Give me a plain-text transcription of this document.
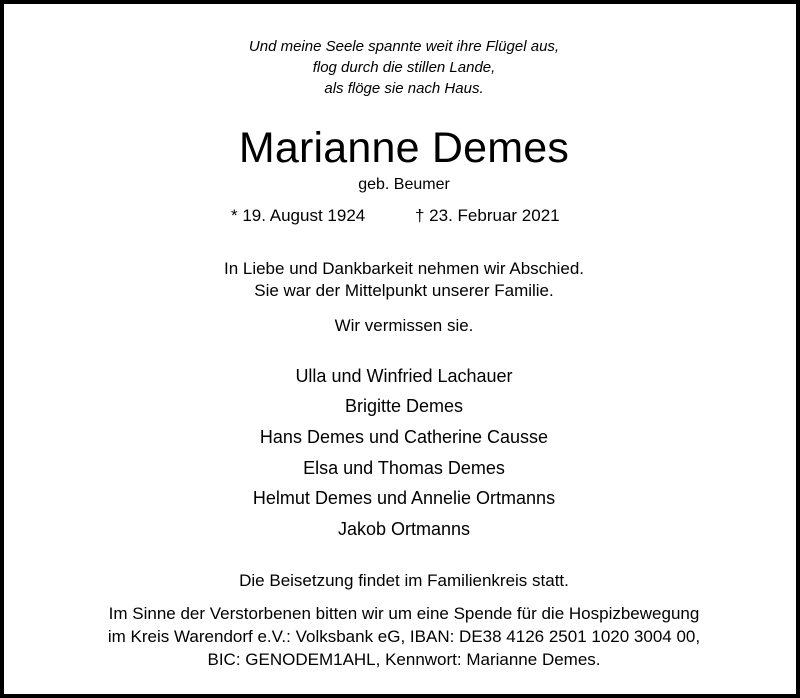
Und meine Seele spannte weit ihre Flügel aus,
flog durch die stillen Lande,
als flöge sie nach Haus.
Marianne Demes
geb. Beumer
* 19. August 1924	† 23. Februar 2021
In Liebe und Dankbarkeit nehmen wir Abschied.
Sie war der Mittelpunkt unserer Familie.
Wir vermissen sie.
Ulla und Winfried Lachauer
Brigitte Demes
Hans Demes und Catherine Causse
Elsa und Thomas Demes
Helmut Demes und Annelie Ortmanns
Jakob Ortmanns
Die Beisetzung findet im Familienkreis statt.
Im Sinne der Verstorbenen bitten wir um eine Spende für die Hospizbewegung
im Kreis Warendorf e.V.: Volksbank eG, IBAN: DE38 4126 2501 1020 3004 00,
BIC: GENODEM1AHL, Kennwort: Marianne Demes.
